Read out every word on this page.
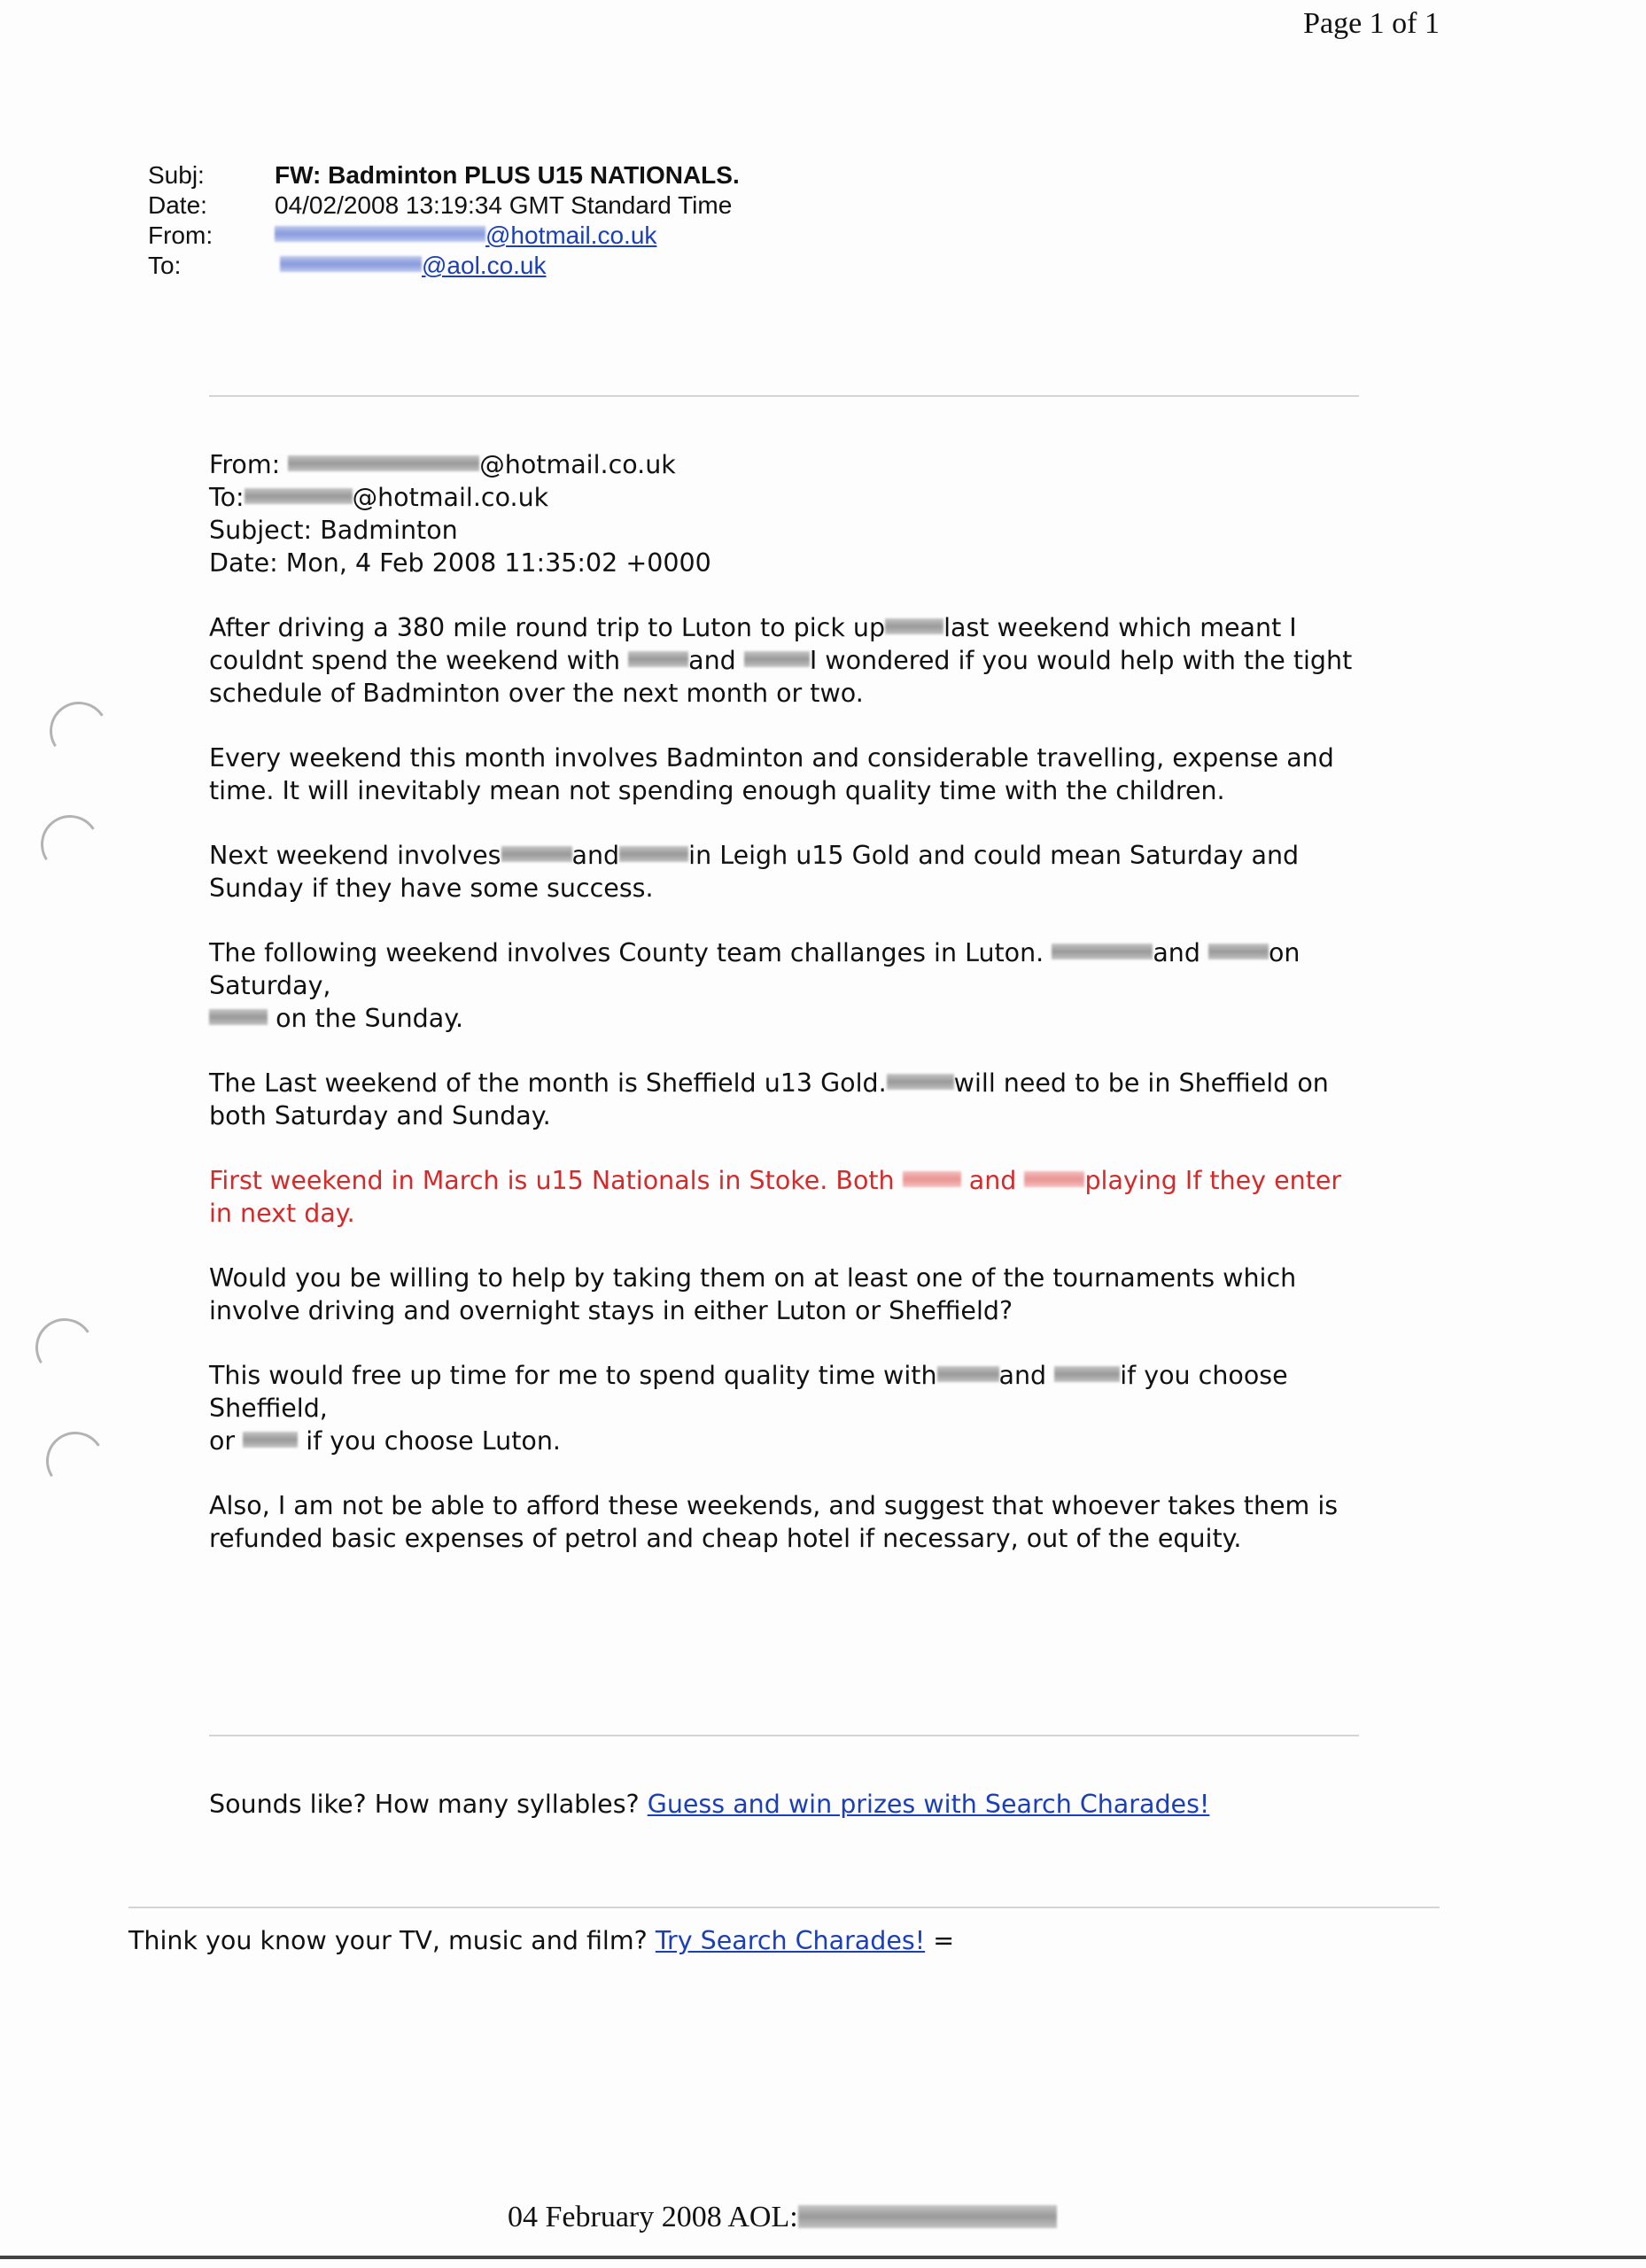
Page 1 of 1
Subj:	FW: Badminton PLUS U15 NATIONALS.
Date:	04/02/2008 13:19:34 GMT Standard Time
From:	@hotmail.co.uk
To:	@aol.co.uk

From:	@hotmail.co.uk

To:	@hotmail.co.uk

Subject: Badminton

Date: Mon, 4 Feb 2008 11:35:02 +0000

After driving a 380 mile round trip to Luton to pick up last weekend which meant I couldnt spend the weekend with	and	I wondered if you would help with the tight schedule of Badminton over the next month or two.

Every weekend this month involves Badminton and considerable travelling, expense and time. It will inevitably mean not spending enough quality time with the children.

Next weekend involves	and	in Leigh u15 Gold and could mean Saturday and Sunday if they have some success.

The following weekend involves County team challanges in Luton.	and	on
Saturday,
on the Sunday.

The Last weekend of the month is Sheffield u13 Gold.	will need to be in Sheffield on both Saturday and Sunday.

First weekend in March is u15 Nationals in Stoke. Both	and	playing If they enter in next day.

Would you be willing to help by taking them on at least one of the tournaments which involve driving and overnight stays in either Luton or Sheffield?

This would free up time for me to spend quality time with and	if you choose Sheffield,
or	if you choose Luton.

Also, I am not be able to afford these weekends, and suggest that whoever takes them is refunded basic expenses of petrol and cheap hotel if necessary, out of the equity.

Sounds like? How many syllables? Guess and win prizes with Search Charades!
Think you know your TV, music and film? Try Search Charades! =
04 February 2008 AOL:
